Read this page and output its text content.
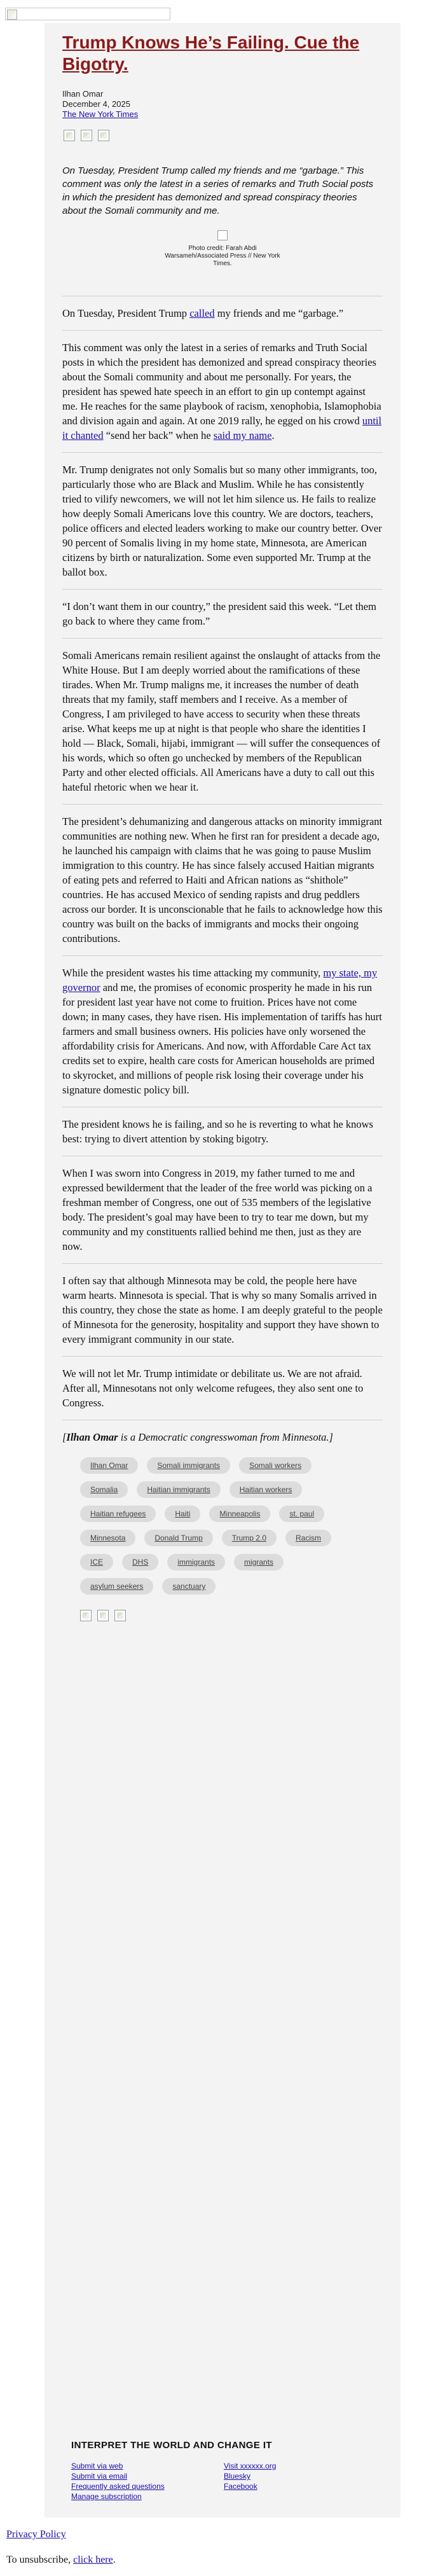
Trump Knows He’s Failing. Cue the Bigotry.
Ilhan Omar
December 4, 2025
The New York Times

On Tuesday, President Trump called my friends and me “garbage.” This comment was only the latest in a series of remarks and Truth Social posts in which the president has demonized and spread conspiracy theories about the Somali community and me.

Photo credit: Farah Abdi Warsameh/Associated Press // New York Times.

On Tuesday, President Trump called my friends and me “garbage.”

This comment was only the latest in a series of remarks and Truth Social posts in which the president has demonized and spread conspiracy theories about the Somali community and about me personally. For years, the president has spewed hate speech in an effort to gin up contempt against me. He reaches for the same playbook of racism, xenophobia, Islamophobia and division again and again. At one 2019 rally, he egged on his crowd until it chanted “send her back” when he said my name.

Mr. Trump denigrates not only Somalis but so many other immigrants, too, particularly those who are Black and Muslim. While he has consistently tried to vilify newcomers, we will not let him silence us. He fails to realize how deeply Somali Americans love this country. We are doctors, teachers, police officers and elected leaders working to make our country better. Over 90 percent of Somalis living in my home state, Minnesota, are American citizens by birth or naturalization. Some even supported Mr. Trump at the ballot box.

“I don’t want them in our country,” the president said this week. “Let them go back to where they came from.”

Somali Americans remain resilient against the onslaught of attacks from the White House. But I am deeply worried about the ramifications of these tirades. When Mr. Trump maligns me, it increases the number of death threats that my family, staff members and I receive. As a member of Congress, I am privileged to have access to security when these threats arise. What keeps me up at night is that people who share the identities I hold — Black, Somali, hijabi, immigrant — will suffer the consequences of his words, which so often go unchecked by members of the Republican Party and other elected officials. All Americans have a duty to call out this hateful rhetoric when we hear it.

The president’s dehumanizing and dangerous attacks on minority immigrant communities are nothing new. When he first ran for president a decade ago, he launched his campaign with claims that he was going to pause Muslim immigration to this country. He has since falsely accused Haitian migrants of eating pets and referred to Haiti and African nations as “shithole” countries. He has accused Mexico of sending rapists and drug peddlers across our border. It is unconscionable that he fails to acknowledge how this country was built on the backs of immigrants and mocks their ongoing contributions.

While the president wastes his time attacking my community, my state, my governor and me, the promises of economic prosperity he made in his run for president last year have not come to fruition. Prices have not come down; in many cases, they have risen. His implementation of tariffs has hurt farmers and small business owners. His policies have only worsened the affordability crisis for Americans. And now, with Affordable Care Act tax credits set to expire, health care costs for American households are primed to skyrocket, and millions of people risk losing their coverage under his signature domestic policy bill.

The president knows he is failing, and so he is reverting to what he knows best: trying to divert attention by stoking bigotry.

When I was sworn into Congress in 2019, my father turned to me and expressed bewilderment that the leader of the free world was picking on a freshman member of Congress, one out of 535 members of the legislative body. The president’s goal may have been to try to tear me down, but my community and my constituents rallied behind me then, just as they are now.

I often say that although Minnesota may be cold, the people here have warm hearts. Minnesota is special. That is why so many Somalis arrived in this country, they chose the state as home. I am deeply grateful to the people of Minnesota for the generosity, hospitality and support they have shown to every immigrant community in our state.

We will not let Mr. Trump intimidate or debilitate us. We are not afraid. After all, Minnesotans not only welcome refugees, they also sent one to Congress.

[Ilhan Omar is a Democratic congresswoman from Minnesota.]
Ilhan Omar	Somali immigrants	Somali workers
Somalia	Haitian immigrants	Haitian workers
Haitian refugees	Haiti	Minneapolis	st. paul
Minnesota	Donald Trump	Trump 2.0	Racism
ICE	DHS	immigrants	migrants
asylum seekers	sanctuary
INTERPRET THE WORLD AND CHANGE IT
Submit via web
Submit via email
Frequently asked questions
Manage subscription
Visit xxxxxx.org
Bluesky
Facebook
Privacy Policy
To unsubscribe, click here.
